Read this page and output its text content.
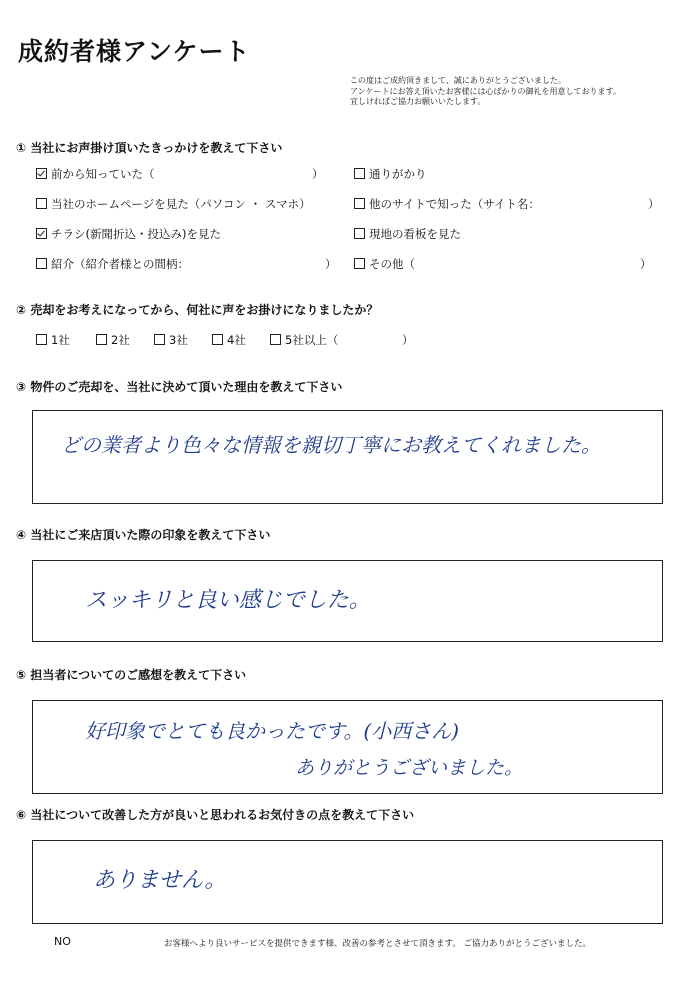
成約者様アンケート
この度はご成約頂きまして、誠にありがとうございました。
アンケートにお答え頂いたお客様には心ばかりの御礼を用意しております。
宜しければご協力お願いいたします。
① 当社にお声掛け頂いたきっかけを教えて下さい
前から知っていた（	）	通りがかり
当社のホームページを見た（パソコン ・ スマホ）	他のサイトで知った（サイト名：	）
チラシ(新聞折込・投込み)を見た	現地の看板を見た
紹介（紹介者様との間柄：	）	その他（	）
② 売却をお考えになってから、何社に声をお掛けになりましたか？
1社	2社	3社	4社	5社以上（	）
③ 物件のご売却を、当社に決めて頂いた理由を教えて下さい
どの業者より色々な情報を親切丁寧にお教えてくれました。
④ 当社にご来店頂いた際の印象を教えて下さい
スッキリと良い感じでした。
⑤ 担当者についてのご感想を教えて下さい
好印象でとても良かったです。(小西さん)
ありがとうございました。
⑥ 当社について改善した方が良いと思われるお気付きの点を教えて下さい
ありません。
NO	お客様へより良いサービスを提供できます様、改善の参考とさせて頂きます。 ご協力ありがとうございました。
